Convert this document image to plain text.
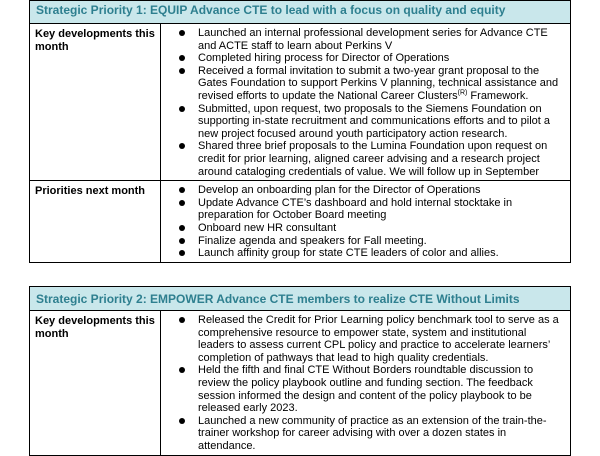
Strategic Priority 1: EQUIP Advance CTE to lead with a focus on quality and equity
Key developments this month
Launched an internal professional development series for Advance CTE and ACTE staff to learn about Perkins V
Completed hiring process for Director of Operations
Received a formal invitation to submit a two-year grant proposal to the Gates Foundation to support Perkins V planning, technical assistance and revised efforts to update the National Career Clusters$^{(R)}$ Framework.
Submitted, upon request, two proposals to the Siemens Foundation on supporting in-state recruitment and communications efforts and to pilot a new project focused around youth participatory action research.
Shared three brief proposals to the Lumina Foundation upon request on credit for prior learning, aligned career advising and a research project around cataloging credentials of value. We will follow up in September
Priorities next month	Develop an onboarding plan for the Director of Operations
Update Advance CTE’s dashboard and hold internal stocktake in preparation for October Board meeting
Onboard new HR consultant
Finalize agenda and speakers for Fall meeting.
Launch affinity group for state CTE leaders of color and allies.
Strategic Priority 2: EMPOWER Advance CTE members to realize CTE Without Limits
Key developments this month
Released the Credit for Prior Learning policy benchmark tool to serve as a comprehensive resource to empower state, system and institutional leaders to assess current CPL policy and practice to accelerate learners’ completion of pathways that lead to high quality credentials.
Held the fifth and final CTE Without Borders roundtable discussion to review the policy playbook outline and funding section. The feedback session informed the design and content of the policy playbook to be released early 2023.
Launched a new community of practice as an extension of the train-the-trainer workshop for career advising with over a dozen states in attendance.
